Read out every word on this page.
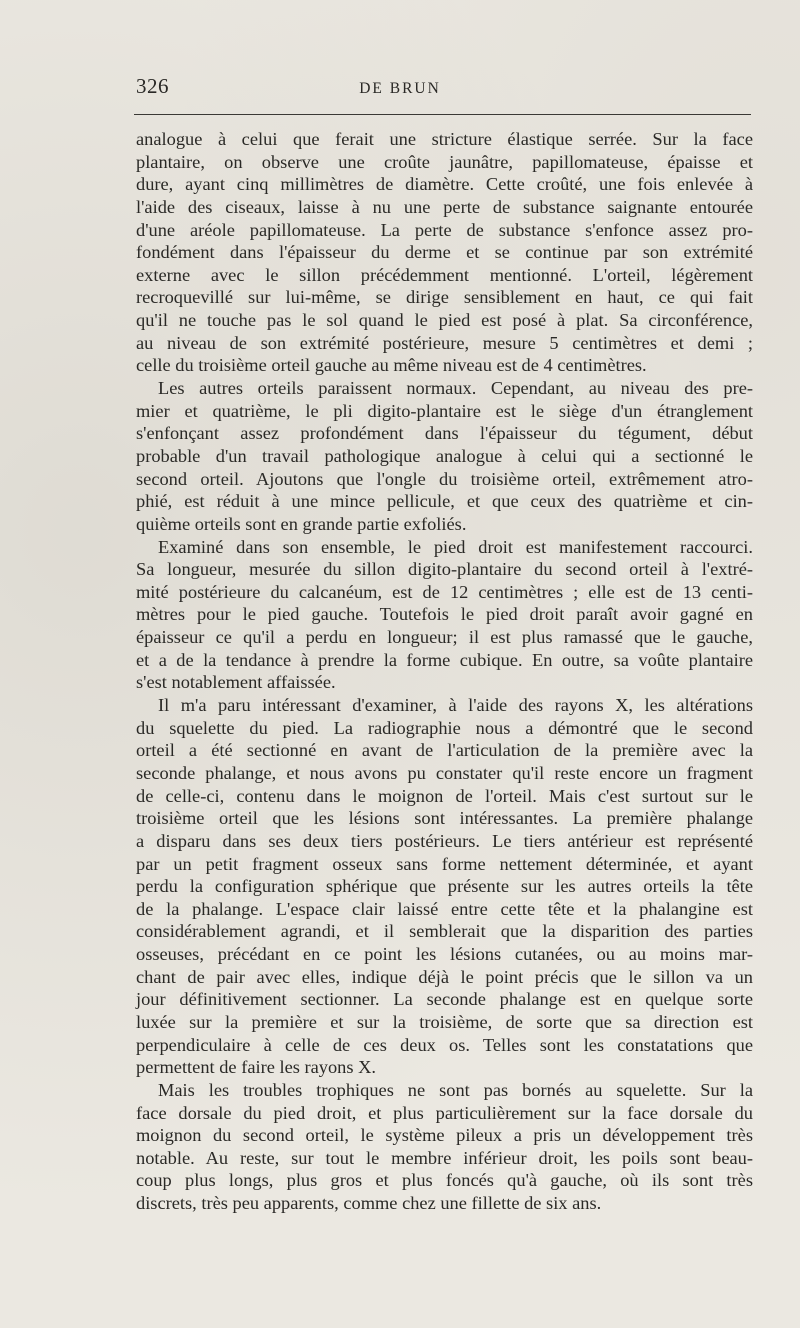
326	DE BRUN
analogue à celui que ferait une stricture élastique serrée. Sur la face
plantaire, on observe une croûte jaunâtre, papillomateuse, épaisse et
dure, ayant cinq millimètres de diamètre. Cette croûté, une fois enlevée à
l'aide des ciseaux, laisse à nu une perte de substance saignante entourée
d'une aréole papillomateuse. La perte de substance s'enfonce assez pro-
fondément dans l'épaisseur du derme et se continue par son extrémité
externe avec le sillon précédemment mentionné. L'orteil, légèrement
recroquevillé sur lui-même, se dirige sensiblement en haut, ce qui fait
qu'il ne touche pas le sol quand le pied est posé à plat. Sa circonférence,
au niveau de son extrémité postérieure, mesure 5 centimètres et demi ;
celle du troisième orteil gauche au même niveau est de 4 centimètres.
Les autres orteils paraissent normaux. Cependant, au niveau des pre-
mier et quatrième, le pli digito-plantaire est le siège d'un étranglement
s'enfonçant assez profondément dans l'épaisseur du tégument, début
probable d'un travail pathologique analogue à celui qui a sectionné le
second orteil. Ajoutons que l'ongle du troisième orteil, extrêmement atro-
phié, est réduit à une mince pellicule, et que ceux des quatrième et cin-
quième orteils sont en grande partie exfoliés.
Examiné dans son ensemble, le pied droit est manifestement raccourci.
Sa longueur, mesurée du sillon digito-plantaire du second orteil à l'extré-
mité postérieure du calcanéum, est de 12 centimètres ; elle est de 13 centi-
mètres pour le pied gauche. Toutefois le pied droit paraît avoir gagné en
épaisseur ce qu'il a perdu en longueur; il est plus ramassé que le gauche,
et a de la tendance à prendre la forme cubique. En outre, sa voûte plantaire
s'est notablement affaissée.
Il m'a paru intéressant d'examiner, à l'aide des rayons X, les altérations
du squelette du pied. La radiographie nous a démontré que le second
orteil a été sectionné en avant de l'articulation de la première avec la
seconde phalange, et nous avons pu constater qu'il reste encore un fragment
de celle-ci, contenu dans le moignon de l'orteil. Mais c'est surtout sur le
troisième orteil que les lésions sont intéressantes. La première phalange
a disparu dans ses deux tiers postérieurs. Le tiers antérieur est représenté
par un petit fragment osseux sans forme nettement déterminée, et ayant
perdu la configuration sphérique que présente sur les autres orteils la tête
de la phalange. L'espace clair laissé entre cette tête et la phalangine est
considérablement agrandi, et il semblerait que la disparition des parties
osseuses, précédant en ce point les lésions cutanées, ou au moins mar-
chant de pair avec elles, indique déjà le point précis que le sillon va un
jour définitivement sectionner. La seconde phalange est en quelque sorte
luxée sur la première et sur la troisième, de sorte que sa direction est
perpendiculaire à celle de ces deux os. Telles sont les constatations que
permettent de faire les rayons X.
Mais les troubles trophiques ne sont pas bornés au squelette. Sur la
face dorsale du pied droit, et plus particulièrement sur la face dorsale du
moignon du second orteil, le système pileux a pris un développement très
notable. Au reste, sur tout le membre inférieur droit, les poils sont beau-
coup plus longs, plus gros et plus foncés qu'à gauche, où ils sont très
discrets, très peu apparents, comme chez une fillette de six ans.
